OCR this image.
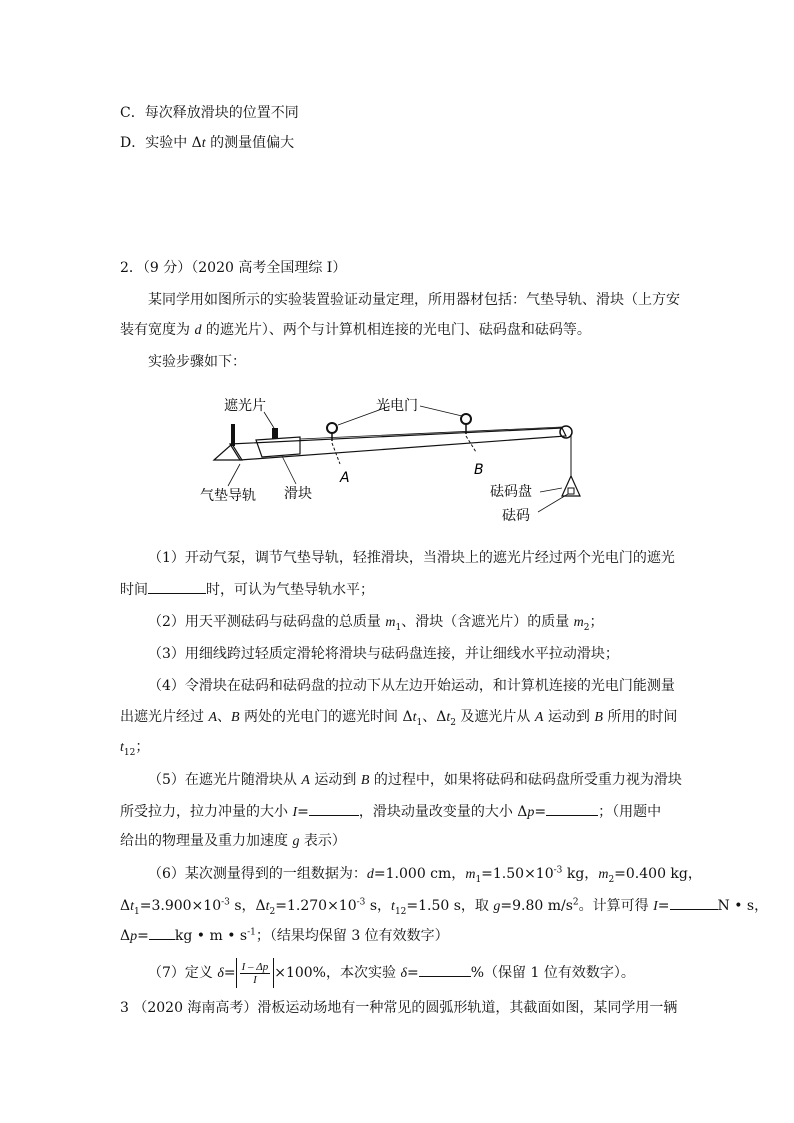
C．每次释放滑块的位置不同
D．实验中 Δt 的测量值偏大
2．（9 分）（2020 高考全国理综 I）
某同学用如图所示的实验装置验证动量定理，所用器材包括：气垫导轨、滑块（上方安
装有宽度为 d 的遮光片）、两个与计算机相连接的光电门、砝码盘和砝码等。
实验步骤如下：
遮光片	光电门
气垫导轨 滑块
A	B
砝码盘
砝码
（1）开动气泵，调节气垫导轨，轻推滑块，当滑块上的遮光片经过两个光电门的遮光
时间	时，可认为气垫导轨水平；
（2）用天平测砝码与砝码盘的总质量 $m_1$、滑块（含遮光片）的质量 $m_2$；
（3）用细线跨过轻质定滑轮将滑块与砝码盘连接，并让细线水平拉动滑块；
（4）令滑块在砝码和砝码盘的拉动下从左边开始运动，和计算机连接的光电门能测量
出遮光片经过 A、B 两处的光电门的遮光时间 $\Delta t_1$、$\Delta t_2$ 及遮光片从 A 运动到 B 所用的时间
$t_{12}$；
（5）在遮光片随滑块从 A 运动到 B 的过程中，如果将砝码和砝码盘所受重力视为滑块
所受拉力，拉力冲量的大小 I=	，滑块动量改变量的大小 Δp=	；（用题中
给出的物理量及重力加速度 g 表示）
（6）某次测量得到的一组数据为：d=1.000 cm，$m_1=1.50\times 10^{-3}$ kg，$m_2=0.400$ kg，
$\Delta t_1=3.900\times 10^{-3}$ s，$\Delta t_2=1.270\times 10^{-3}$ s，$t_{12}=1.50$ s，取 g=9.80 $m/s^2$。计算可得 I=	N • s，
Δp= kg • m • $s^{-1}$；（结果均保留 3 位有效数字）
（7）定义 $\delta= \frac{I - \Delta p}{I} \times 100\%$，本次实验 δ=	%（保留 1 位有效数字）。
3 （2020 海南高考）滑板运动场地有一种常见的圆弧形轨道，其截面如图，某同学用一辆
